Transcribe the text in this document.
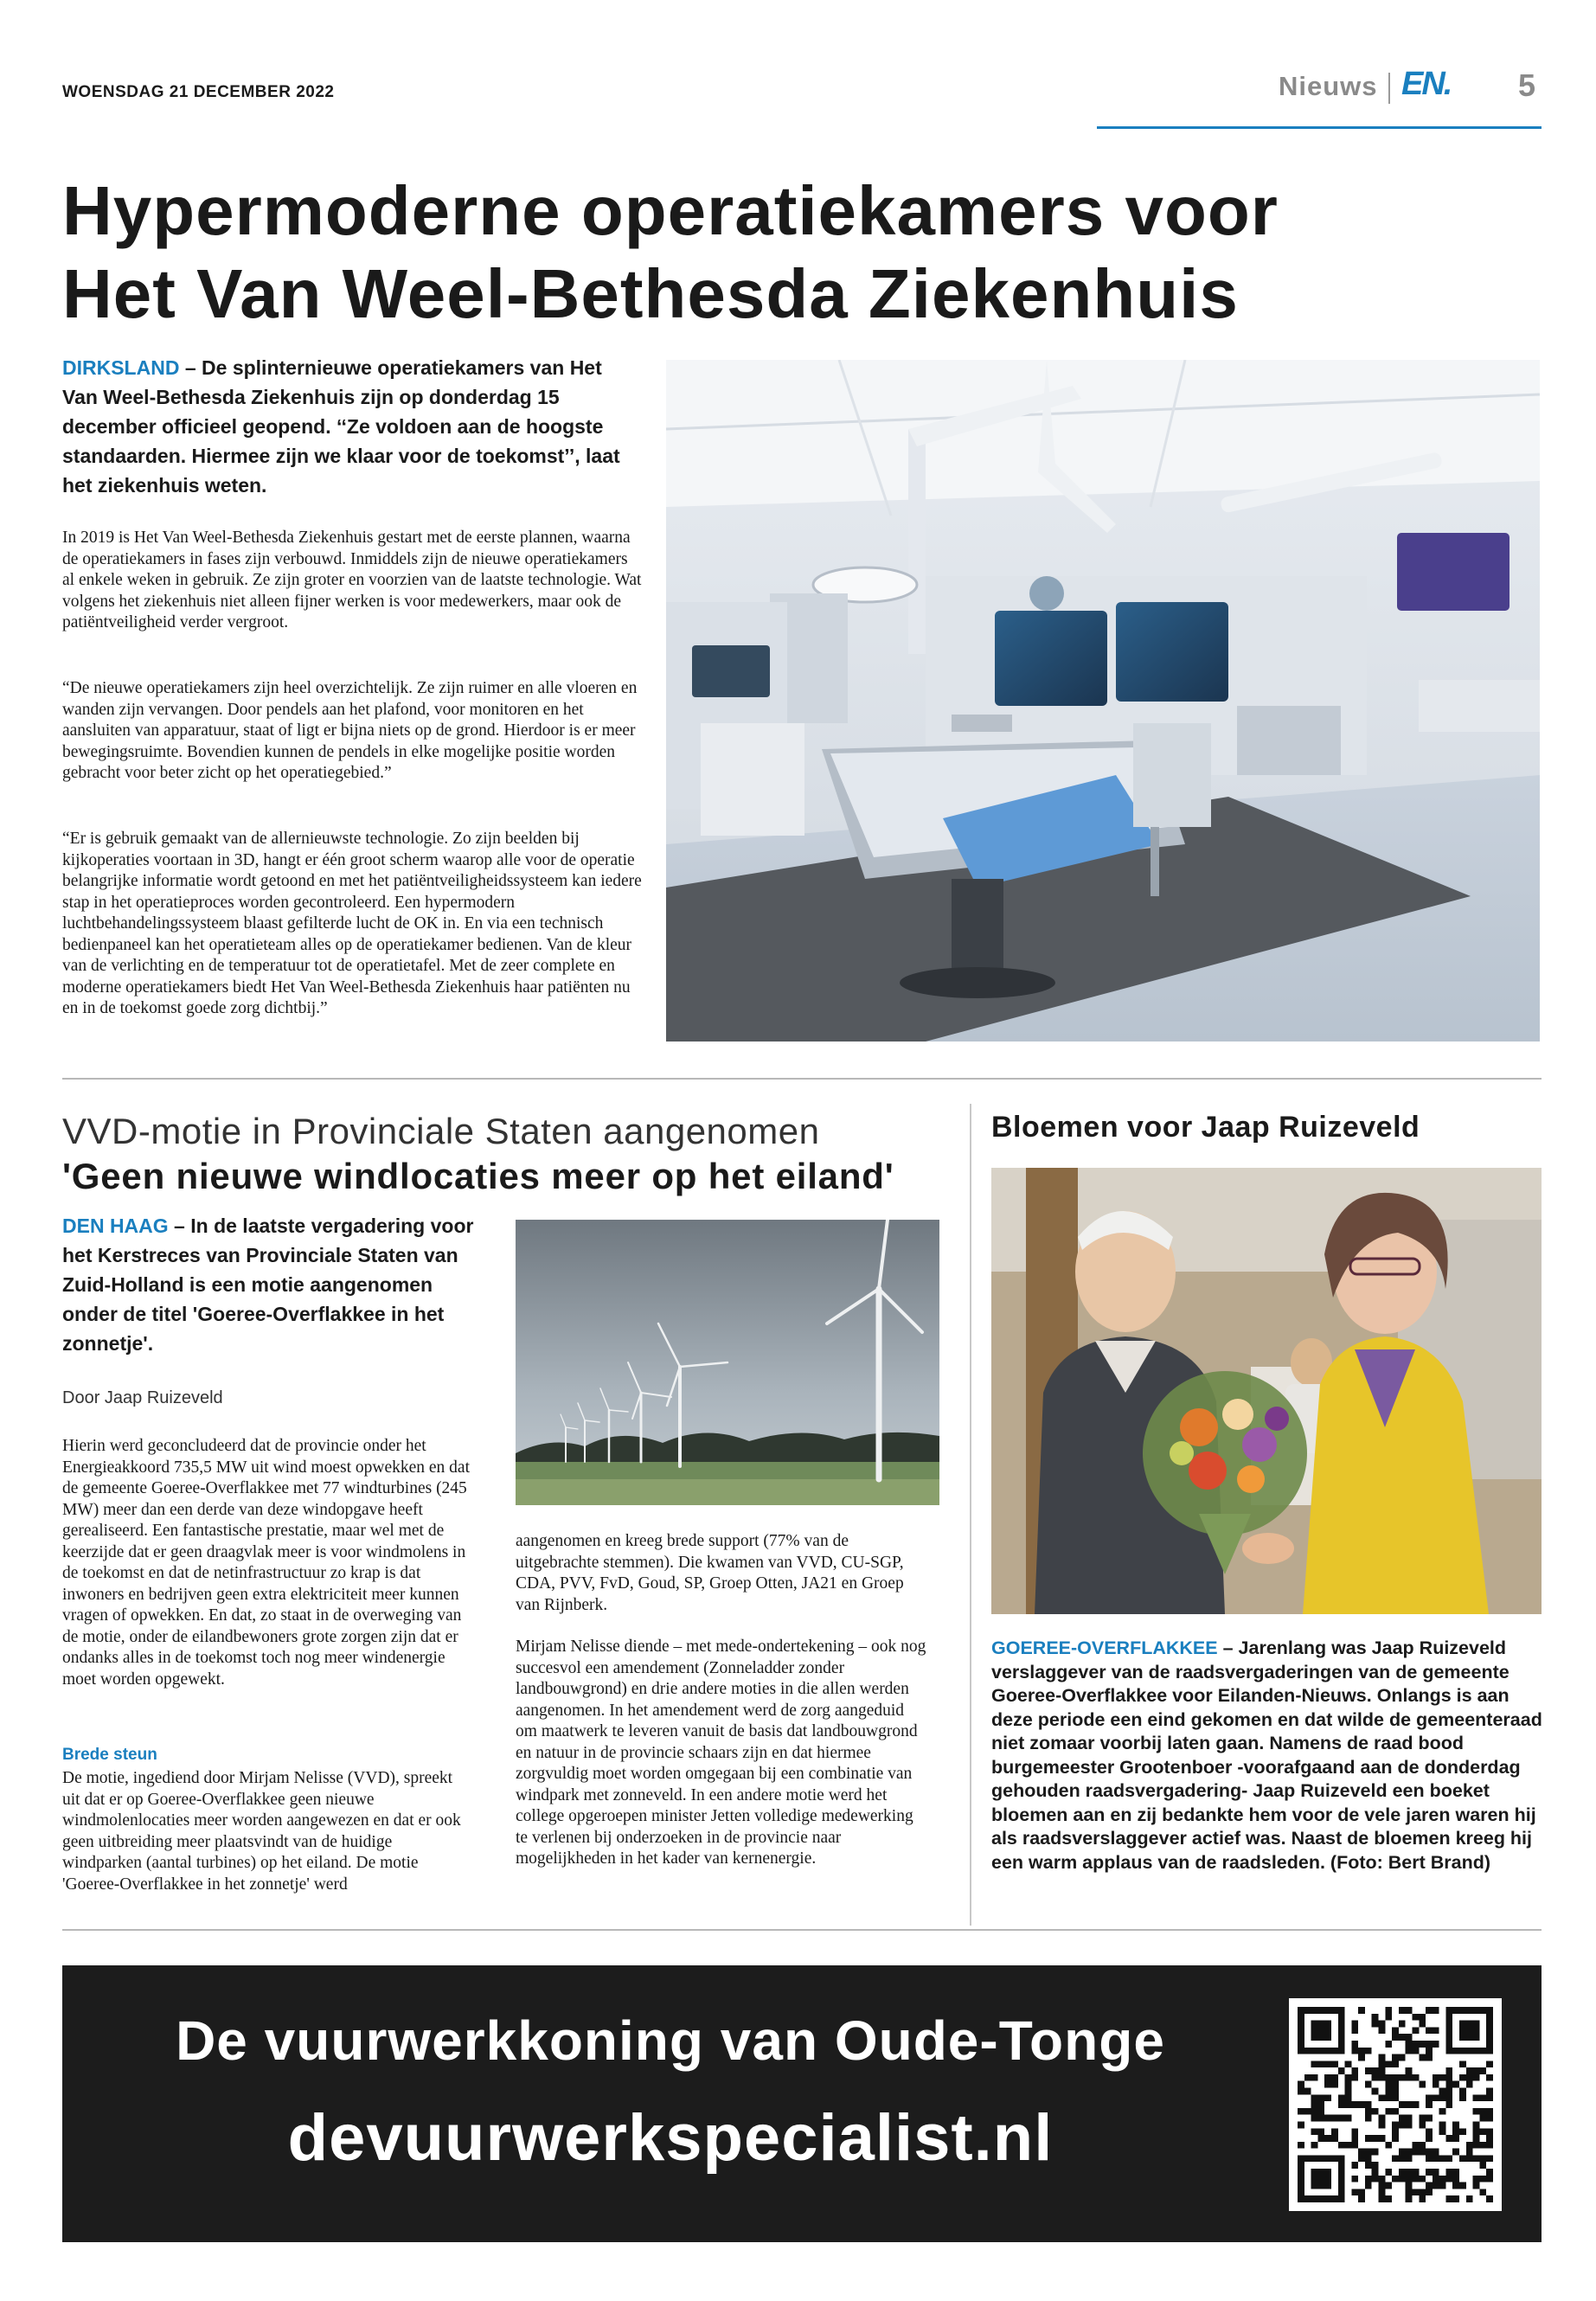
WOENSDAG 21 DECEMBER 2022	Nieuws EN. 5
Hypermoderne operatiekamers voor
Het Van Weel-Bethesda Ziekenhuis
DIRKSLAND – De splinternieuwe operatiekamers van Het Van Weel-Bethesda Ziekenhuis zijn op donderdag 15 december officieel geopend. ‘‘Ze voldoen aan de hoogste standaarden. Hiermee zijn we klaar voor de toekomst’’, laat het ziekenhuis weten.
In 2019 is Het Van Weel-Bethesda Ziekenhuis gestart met de eerste plannen, waarna de operatiekamers in fases zijn verbouwd. Inmiddels zijn de nieuwe operatiekamers al enkele weken in gebruik. Ze zijn groter en voorzien van de laatste technologie. Wat volgens het ziekenhuis niet alleen fijner werken is voor medewerkers, maar ook de patiëntveiligheid verder vergroot.
“De nieuwe operatiekamers zijn heel overzichtelijk. Ze zijn ruimer en alle vloeren en wanden zijn vervangen. Door pendels aan het plafond, voor monitoren en het aansluiten van apparatuur, staat of ligt er bijna niets op de grond. Hierdoor is er meer bewegingsruimte. Bovendien kunnen de pendels in elke mogelijke positie worden gebracht voor beter zicht op het operatiegebied.”
“Er is gebruik gemaakt van de allernieuwste technologie. Zo zijn beelden bij kijkoperaties voortaan in 3D, hangt er één groot scherm waarop alle voor de operatie belangrijke informatie wordt getoond en met het patiëntveiligheidssysteem kan iedere stap in het operatieproces worden gecontroleerd. Een hypermodern luchtbehandelingssysteem blaast gefilterde lucht de OK in. En via een technisch bedienpaneel kan het operatieteam alles op de operatiekamer bedienen. Van de kleur van de verlichting en de temperatuur tot de operatietafel. Met de zeer complete en moderne operatiekamers biedt Het Van Weel-Bethesda Ziekenhuis haar patiënten nu en in de toekomst goede zorg dichtbij.”
VVD-motie in Provinciale Staten aangenomen
'Geen nieuwe windlocaties meer op het eiland'
DEN HAAG – In de laatste vergadering voor het Kerstreces van Provinciale Staten van Zuid-Holland is een motie aangenomen onder de titel 'Goeree-Overflakkee in het zonnetje'.
Door Jaap Ruizeveld
Hierin werd geconcludeerd dat de provincie onder het Energieakkoord 735,5 MW uit wind moest opwekken en dat de gemeente Goeree-Overflakkee met 77 windturbines (245 MW) meer dan een derde van deze windopgave heeft gerealiseerd. Een fantastische prestatie, maar wel met de keerzijde dat er geen draagvlak meer is voor windmolens in de toekomst en dat de netinfrastructuur zo krap is dat inwoners en bedrijven geen extra elektriciteit meer kunnen vragen of opwekken. En dat, zo staat in de overweging van de motie, onder de eilandbewoners grote zorgen zijn dat er ondanks alles in de toekomst toch nog meer windenergie moet worden opgewekt.
Brede steun
De motie, ingediend door Mirjam Nelisse (VVD), spreekt uit dat er op Goeree-Overflakkee geen nieuwe windmolenlocaties meer worden aangewezen en dat er ook geen uitbreiding meer plaatsvindt van de huidige windparken (aantal turbines) op het eiland. De motie 'Goeree-Overflakkee in het zonnetje' werd
aangenomen en kreeg brede support (77% van de uitgebrachte stemmen). Die kwamen van VVD, CU-SGP, CDA, PVV, FvD, Goud, SP, Groep Otten, JA21 en Groep van Rijnberk.
Mirjam Nelisse diende – met mede-ondertekening – ook nog succesvol een amendement (Zonneladder zonder landbouwgrond) en drie andere moties in die allen werden aangenomen. In het amendement werd de zorg aangeduid om maatwerk te leveren vanuit de basis dat landbouwgrond en natuur in de provincie schaars zijn en dat hiermee zorgvuldig moet worden omgegaan bij een combinatie van windpark met zonneveld. In een andere motie werd het college opgeroepen minister Jetten volledige medewerking te verlenen bij onderzoeken in de provincie naar mogelijkheden in het kader van kernenergie.
Bloemen voor Jaap Ruizeveld
GOEREE-OVERFLAKKEE – Jarenlang was Jaap Ruizeveld verslaggever van de raadsvergaderingen van de gemeente Goeree-Overflakkee voor Eilanden-Nieuws. Onlangs is aan deze periode een eind gekomen en dat wilde de gemeenteraad niet zomaar voorbij laten gaan. Namens de raad bood burgemeester Grootenboer -voorafgaand aan de donderdag gehouden raadsvergadering- Jaap Ruizeveld een boeket bloemen aan en zij bedankte hem voor de vele jaren waren hij als raadsverslaggever actief was. Naast de bloemen kreeg hij een warm applaus van de raadsleden. (Foto: Bert Brand)
De vuurwerkkoning van Oude-Tonge
devuurwerkspecialist.nl
